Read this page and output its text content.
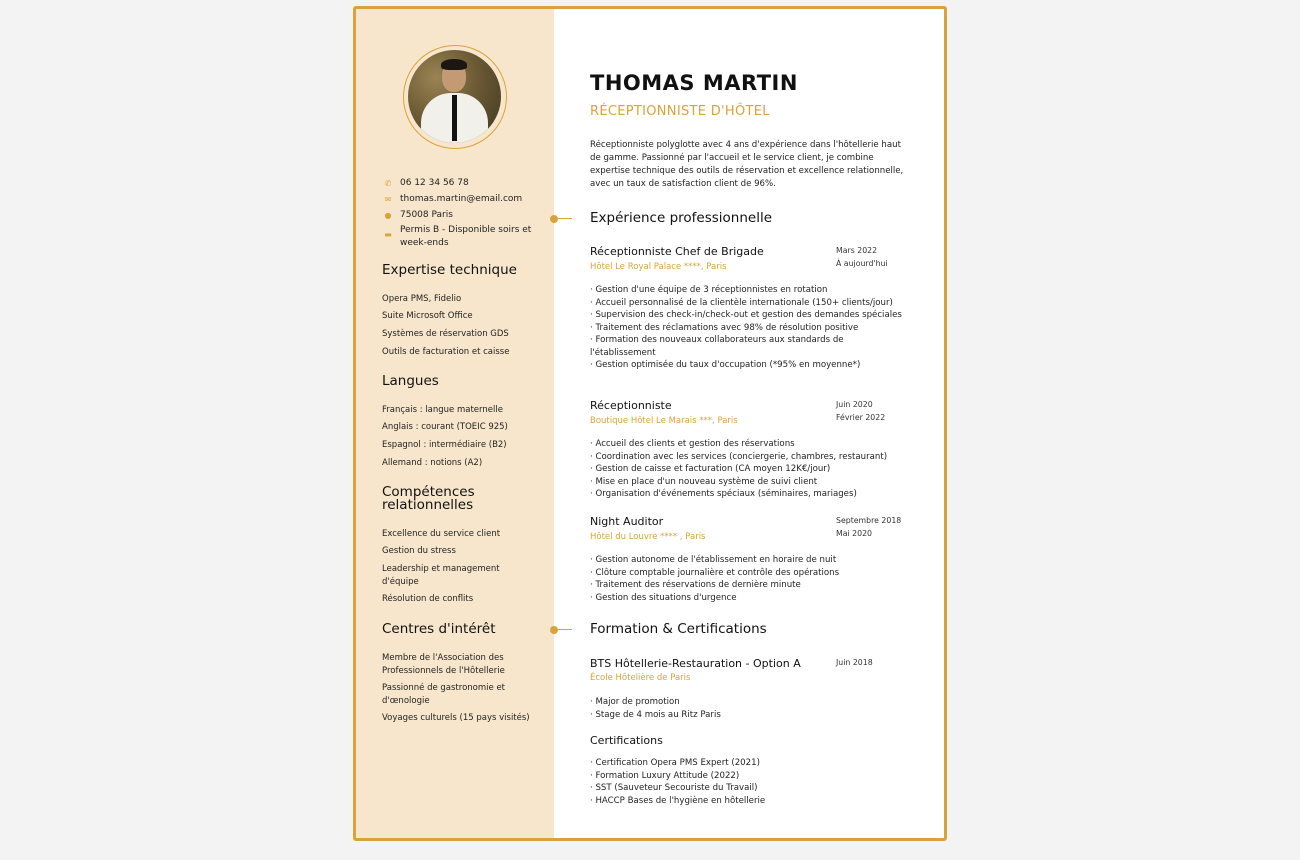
✆ 06 12 34 56 78
✉ thomas.martin@email.com
● 75008 Paris
▬ Permis B - Disponible soirs et week-ends
Expertise technique
Opera PMS, Fidelio
Suite Microsoft Office
Systèmes de réservation GDS
Outils de facturation et caisse
Langues
Français : langue maternelle
Anglais : courant (TOEIC 925)
Espagnol : intermédiaire (B2)
Allemand : notions (A2)
Compétences relationnelles
Excellence du service client
Gestion du stress
Leadership et management d'équipe
Résolution de conflits
Centres d'intérêt
Membre de l'Association des Professionnels de l'Hôtellerie
Passionné de gastronomie et d'œnologie
Voyages culturels (15 pays visités)
THOMAS MARTIN
RÉCEPTIONNISTE D'HÔTEL
Réceptionniste polyglotte avec 4 ans d'expérience dans l'hôtellerie haut de gamme. Passionné par l'accueil et le service client, je combine expertise technique des outils de réservation et excellence relationnelle, avec un taux de satisfaction client de 96%.
Expérience professionnelle
Réceptionniste Chef de Brigade
Hôtel Le Royal Palace ****, Paris
Mars 2022
À aujourd'hui
· Gestion d'une équipe de 3 réceptionnistes en rotation
· Accueil personnalisé de la clientèle internationale (150+ clients/jour)
· Supervision des check-in/check-out et gestion des demandes spéciales
· Traitement des réclamations avec 98% de résolution positive
· Formation des nouveaux collaborateurs aux standards de l'établissement
· Gestion optimisée du taux d'occupation (*95% en moyenne*)
Réceptionniste
Boutique Hôtel Le Marais ***, Paris
Juin 2020
Février 2022
· Accueil des clients et gestion des réservations
· Coordination avec les services (conciergerie, chambres, restaurant)
· Gestion de caisse et facturation (CA moyen 12K€/jour)
· Mise en place d'un nouveau système de suivi client
· Organisation d'événements spéciaux (séminaires, mariages)
Night Auditor
Hôtel du Louvre **** , Paris
Septembre 2018
Mai 2020
· Gestion autonome de l'établissement en horaire de nuit
· Clôture comptable journalière et contrôle des opérations
· Traitement des réservations de dernière minute
· Gestion des situations d'urgence
Formation & Certifications
BTS Hôtellerie-Restauration - Option A
École Hôtelière de Paris
Juin 2018
· Major de promotion
· Stage de 4 mois au Ritz Paris
Certifications
· Certification Opera PMS Expert (2021)
· Formation Luxury Attitude (2022)
· SST (Sauveteur Secouriste du Travail)
· HACCP Bases de l'hygiène en hôtellerie
